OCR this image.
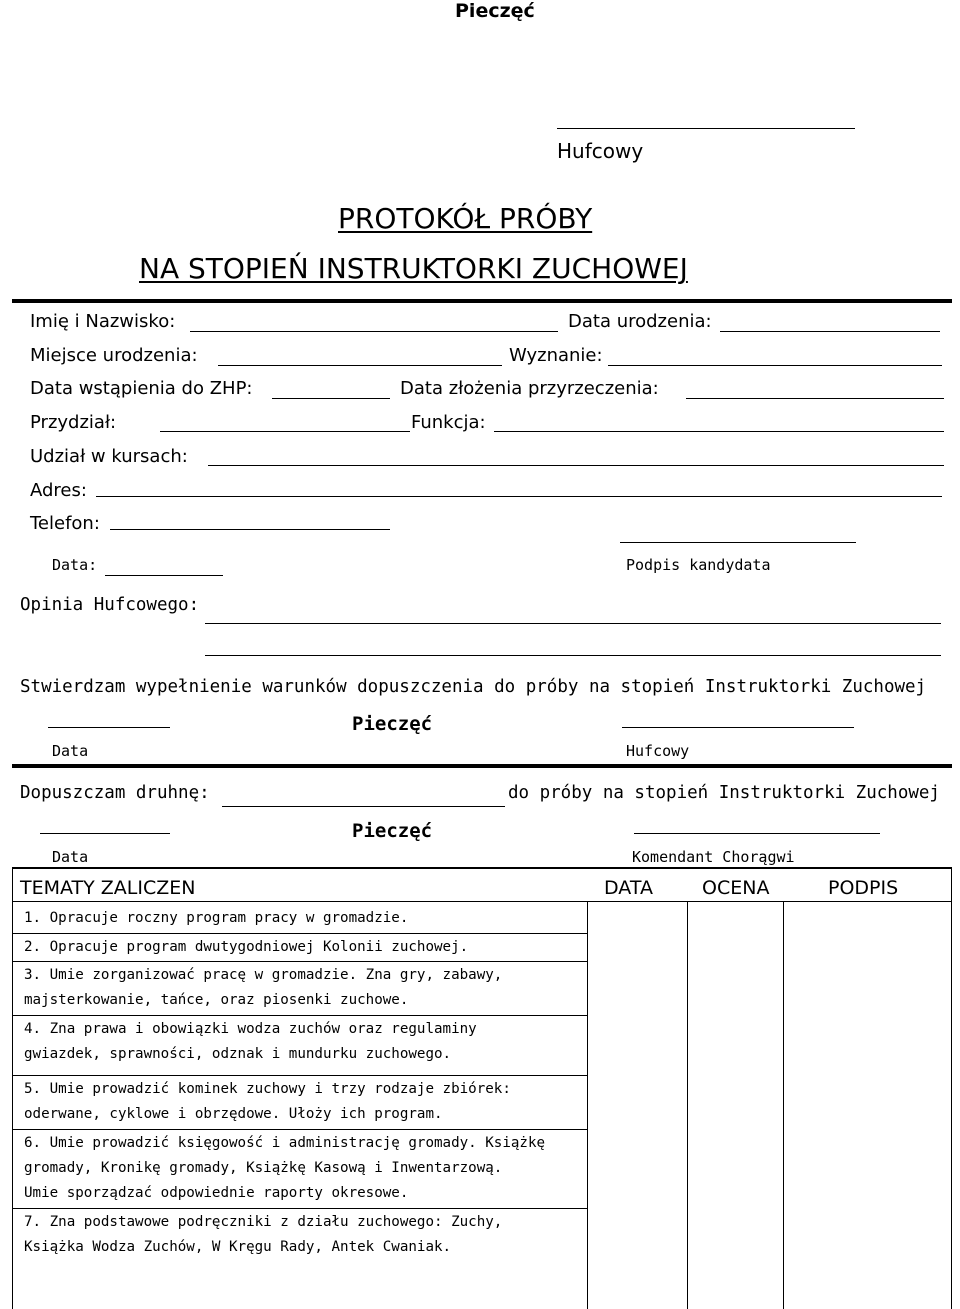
Pieczęć
Hufcowy
PROTOKÓŁ PRÓBY
NA STOPIEŃ INSTRUKTORKI ZUCHOWEJ
Imię i Nazwisko:	Data urodzenia:
Miejsce urodzenia:	Wyznanie:
Data wstąpienia do ZHP:	Data złożenia przyrzeczenia:
Przydział:	Funkcja:
Udział w kursach:
Adres:
Telefon:
Data:	Podpis kandydata
Opinia Hufcowego:
Stwierdzam wypełnienie warunków dopuszczenia do próby na stopień Instruktorki Zuchowej
Pieczęć
Data	Hufcowy
Dopuszczam druhnę:	do próby na stopień Instruktorki Zuchowej
Pieczęć
Data	Komendant Chorągwi
TEMATY ZALICZEN	DATA	OCENA	PODPIS
1. Opracuje roczny program pracy w gromadzie.
2. Opracuje program dwutygodniowej Kolonii zuchowej.
3. Umie zorganizować pracę w gromadzie. Zna gry, zabawy,
majsterkowanie, tańce, oraz piosenki zuchowe.
4. Zna prawa i obowiązki wodza zuchów oraz regulaminy
gwiazdek, sprawności, odznak i mundurku zuchowego.
5. Umie prowadzić kominek zuchowy i trzy rodzaje zbiórek:
oderwane, cyklowe i obrzędowe. Ułoży ich program.
6. Umie prowadzić księgowość i administrację gromady. Książkę
gromady, Kronikę gromady, Książkę Kasową i Inwentarzową.
Umie sporządzać odpowiednie raporty okresowe.
7. Zna podstawowe podręczniki z działu zuchowego: Zuchy,
Książka Wodza Zuchów, W Kręgu Rady, Antek Cwaniak.
